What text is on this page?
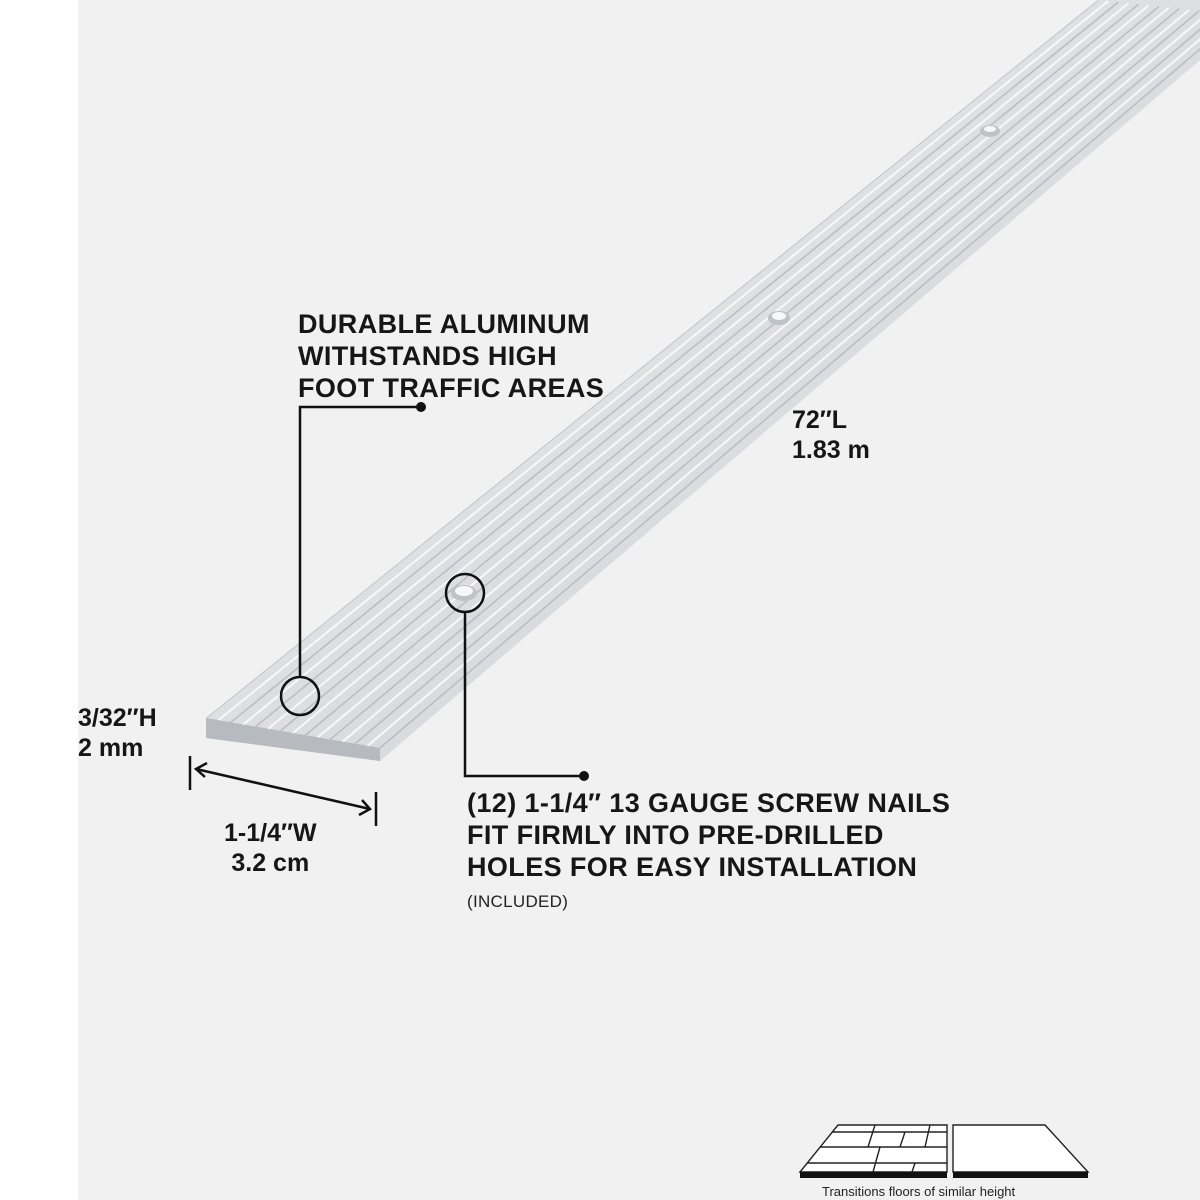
DURABLE ALUMINUM
WITHSTANDS HIGH
FOOT TRAFFIC AREAS
(12) 1-1/4″ 13 GAUGE SCREW NAILS
FIT FIRMLY INTO PRE-DRILLED
HOLES FOR EASY INSTALLATION
(INCLUDED)
72″L
1.83 m
3/32″H
2 mm
1-1/4″W
3.2 cm
Transitions floors of similar height
